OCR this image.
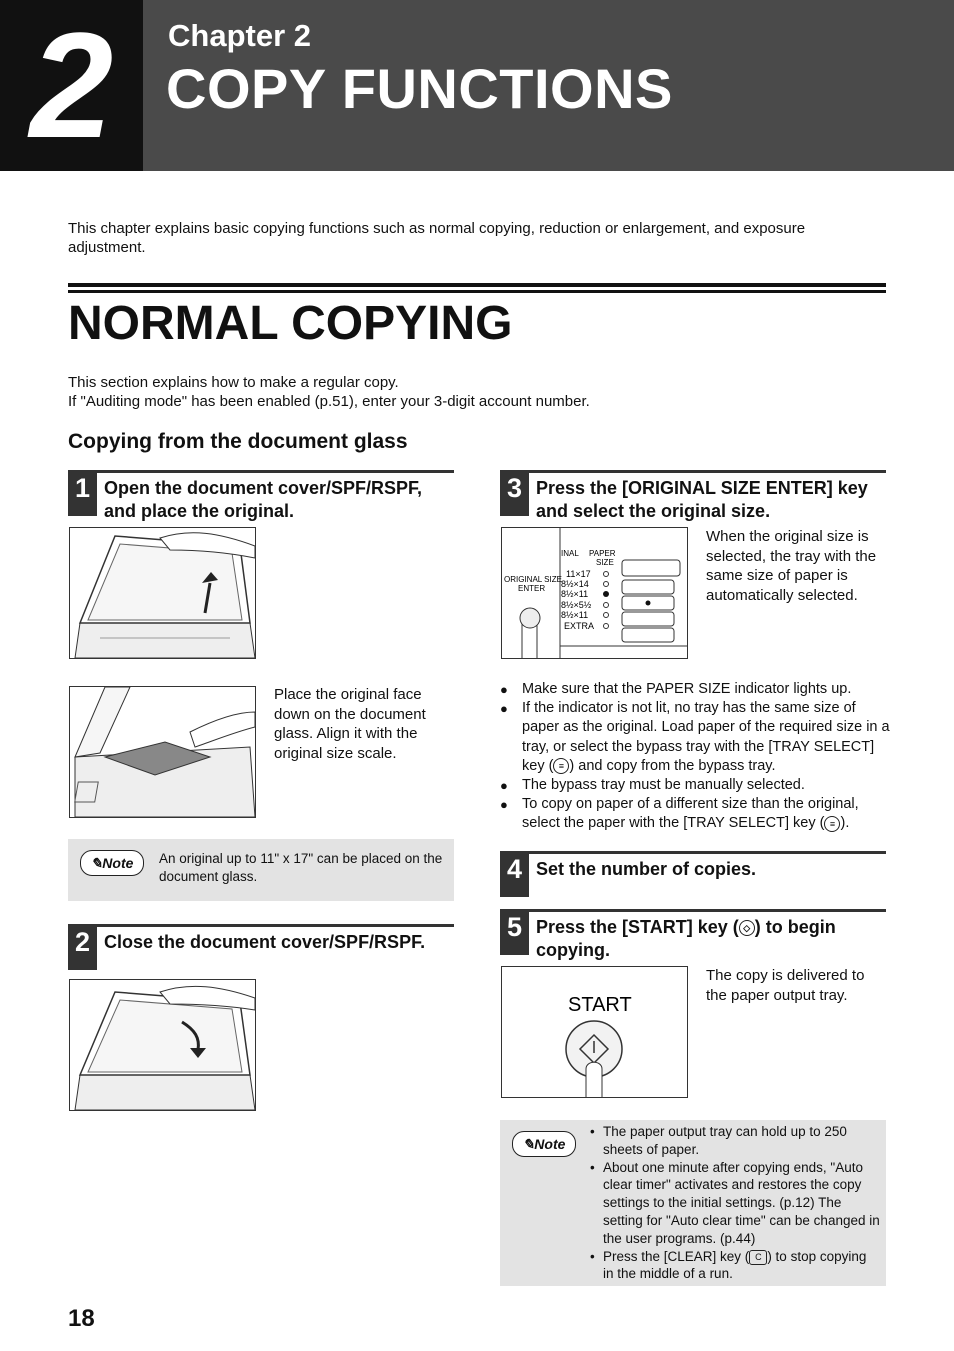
2	Chapter 2
COPY FUNCTIONS
This chapter explains basic copying functions such as normal copying, reduction or enlargement, and exposure adjustment.
NORMAL COPYING
This section explains how to make a regular copy.
If "Auditing mode" has been enabled (p.51), enter your 3-digit account number.
Copying from the document glass
1 Open the document cover/SPF/RSPF, and place the original.
Place the original face down on the document glass. Align it with the original size scale.
✎Note	An original up to 11" x 17" can be placed on the document glass.
2 Close the document cover/SPF/RSPF.
3 Press the [ORIGINAL SIZE ENTER] key and select the original size.
INAL PAPER
SIZE
ORIGINAL SIZE
ENTER
11×17
8½×14
8½×11
8½×5½
8½×11
EXTRA
When the original size is selected, the tray with the same size of paper is automatically selected.
● Make sure that the PAPER SIZE indicator lights up.
● If the indicator is not lit, no tray has the same size of paper as the original. Load paper of the required size in a tray, or select the bypass tray with the [TRAY SELECT] key ( ≡ ) and copy from the bypass tray.
● The bypass tray must be manually selected.
● To copy on paper of a different size than the original, select the paper with the [TRAY SELECT] key ( ≡ ).
4 Set the number of copies.
5 Press the [START] key ( ◇ ) to begin copying.
START
The copy is delivered to the paper output tray.
✎Note
• The paper output tray can hold up to 250 sheets of paper.
• About one minute after copying ends, "Auto clear timer" activates and restores the copy settings to the initial settings. (p.12) The setting for "Auto clear time" can be changed in the user programs. (p.44)
• Press the [CLEAR] key ( C ) to stop copying in the middle of a run.
18
